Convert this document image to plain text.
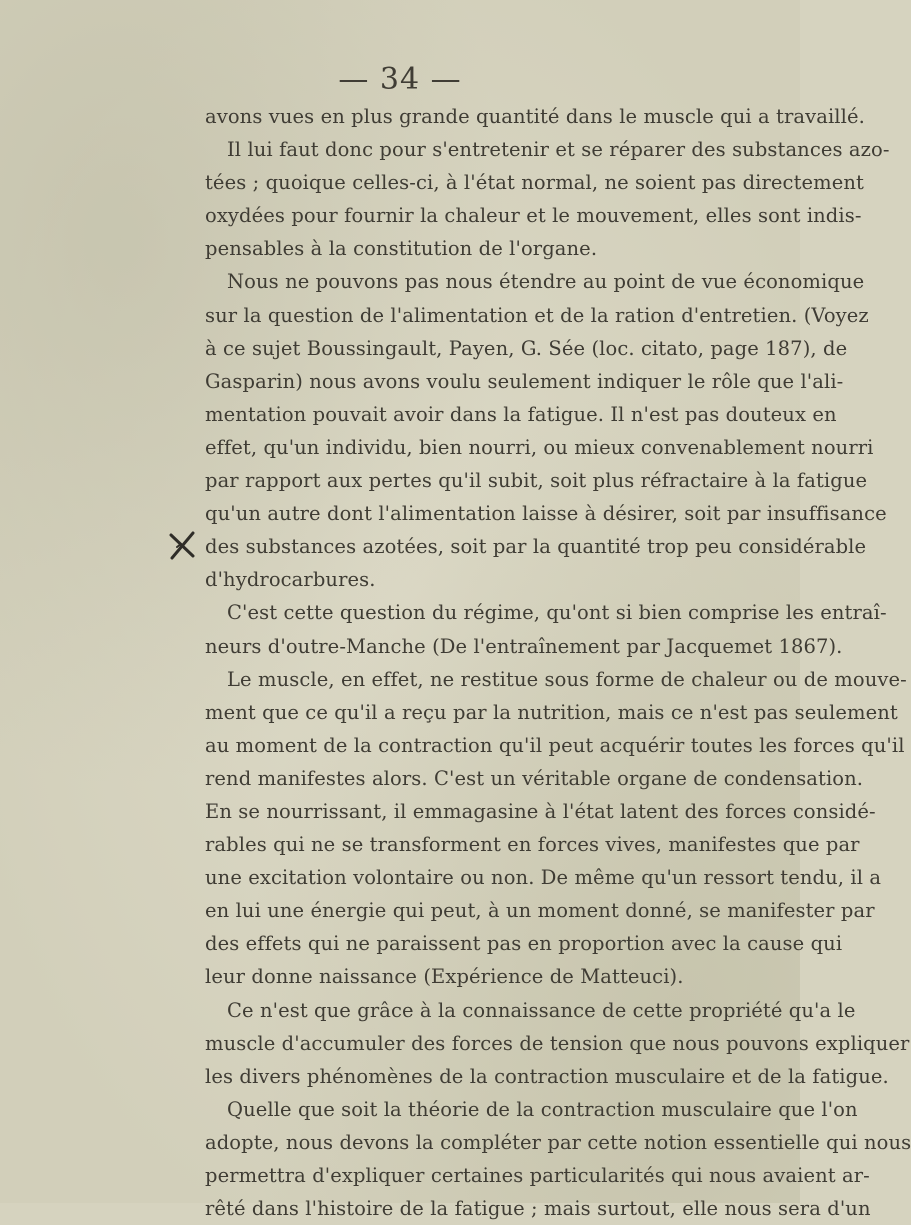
— 34 —
avons vues en plus grande quantité dans le muscle qui a travaillé.
Il lui faut donc pour s'entretenir et se réparer des substances azo-
tées ; quoique celles-ci, à l'état normal, ne soient pas directement
oxydées pour fournir la chaleur et le mouvement, elles sont indis-
pensables à la constitution de l'organe.
Nous ne pouvons pas nous étendre au point de vue économique
sur la question de l'alimentation et de la ration d'entretien. (Voyez
à ce sujet Boussingault, Payen, G. Sée (loc. citato, page 187), de
Gasparin) nous avons voulu seulement indiquer le rôle que l'ali-
mentation pouvait avoir dans la fatigue. Il n'est pas douteux en
effet, qu'un individu, bien nourri, ou mieux convenablement nourri
par rapport aux pertes qu'il subit, soit plus réfractaire à la fatigue
qu'un autre dont l'alimentation laisse à désirer, soit par insuffisance
des substances azotées, soit par la quantité trop peu considérable
d'hydrocarbures.
C'est cette question du régime, qu'ont si bien comprise les entraî-
neurs d'outre-Manche (De l'entraînement par Jacquemet 1867).
Le muscle, en effet, ne restitue sous forme de chaleur ou de mouve-
ment que ce qu'il a reçu par la nutrition, mais ce n'est pas seulement
au moment de la contraction qu'il peut acquérir toutes les forces qu'il
rend manifestes alors. C'est un véritable organe de condensation.
En se nourrissant, il emmagasine à l'état latent des forces considé-
rables qui ne se transforment en forces vives, manifestes que par
une excitation volontaire ou non. De même qu'un ressort tendu, il a
en lui une énergie qui peut, à un moment donné, se manifester par
des effets qui ne paraissent pas en proportion avec la cause qui
leur donne naissance (Expérience de Matteuci).
Ce n'est que grâce à la connaissance de cette propriété qu'a le
muscle d'accumuler des forces de tension que nous pouvons expliquer
les divers phénomènes de la contraction musculaire et de la fatigue.
Quelle que soit la théorie de la contraction musculaire que l'on
adopte, nous devons la compléter par cette notion essentielle qui nous
permettra d'expliquer certaines particularités qui nous avaient ar-
rêté dans l'histoire de la fatigue ; mais surtout, elle nous sera d'un
